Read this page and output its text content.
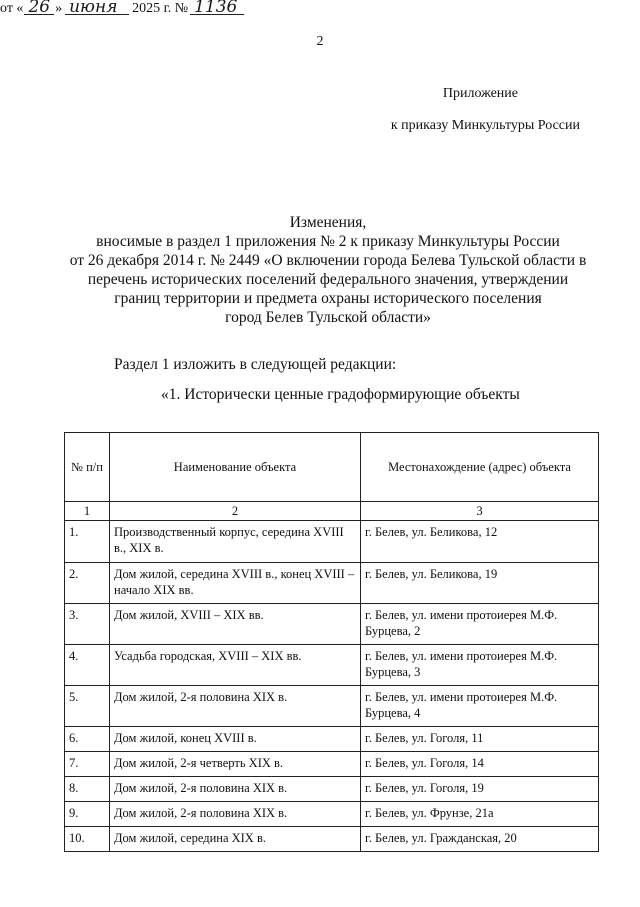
2
Приложение
к приказу Минкультуры России
от « 26 » июня 2025 г. № 1136
Изменения,
вносимые в раздел 1 приложения № 2 к приказу Минкультуры России
от 26 декабря 2014 г. № 2449 «О включении города Белева Тульской области в
перечень исторических поселений федерального значения, утверждении
границ территории и предмета охраны исторического поселения
город Белев Тульской области»
Раздел 1 изложить в следующей редакции:
«1. Исторически ценные градоформирующие объекты
№ п/п	Наименование объекта	Местонахождение (адрес) объекта
1	2	3
1.	Производственный корпус, середина XVIII в., XIX в.	г. Белев, ул. Беликова, 12
2.	Дом жилой, середина XVIII в., конец XVIII – начало XIX вв.	г. Белев, ул. Беликова, 19
3.	Дом жилой, XVIII – XIX вв.	г. Белев, ул. имени протоиерея М.Ф. Бурцева, 2
4.	Усадьба городская, XVIII – XIX вв.	г. Белев, ул. имени протоиерея М.Ф. Бурцева, 3
5.	Дом жилой, 2-я половина XIX в.	г. Белев, ул. имени протоиерея М.Ф. Бурцева, 4
6.	Дом жилой, конец XVIII в.	г. Белев, ул. Гоголя, 11
7.	Дом жилой, 2-я четверть XIX в.	г. Белев, ул. Гоголя, 14
8.	Дом жилой, 2-я половина XIX в.	г. Белев, ул. Гоголя, 19
9.	Дом жилой, 2-я половина XIX в.	г. Белев, ул. Фрунзе, 21а
10.	Дом жилой, середина XIX в.	г. Белев, ул. Гражданская, 20
